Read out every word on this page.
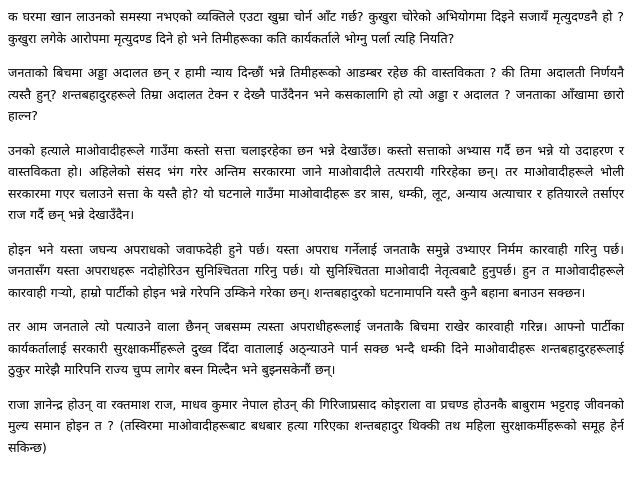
क घरमा खान लाउनको समस्या नभएको व्यक्तिले एउटा खुम्रा चोर्न आँट गर्छ? कुखुरा चोरेको अभियोगमा दिइने सजायँ मृत्युदण्डनै हो ? कुखुरा लगेके आरोपमा मृत्युदण्ड दिने हो भने तिमीहरूका कति कार्यकर्ताले भोग्नु पर्ला त्यहि नियति?

जनताको बिचमा अड्डा अदालत छन् र हामी न्याय दिन्छौं भन्ने तिमीहरूको आडम्बर रहेछ की वास्तविकता ? की तिमा अदालती निर्णयनै त्यस्तै हुन्? शन्तबहादुरहरूले तिम्रा अदालत टेक्न र देख्नै पाउँदैनन भने कसकालागि हो त्यो अड्डा र अदालत ? जनताका आँखामा छारो हाल्न?

उनको हत्याले माओवादीहरूले गाउँमा कस्तो सत्ता चलाइरहेका छन भन्ने देखाउँछ। कस्तो सत्ताको अभ्यास गर्दै छन भन्ने यो उदाहरण र वास्तविकता हो। अहिलेको संसद भंग गरेर अन्तिम सरकारमा जाने माओवादीले तत्परायी गरिरहेका छन्। तर माओवादीहरूले भोली सरकारमा गएर चलाउने सत्ता के यस्तै हो? यो घटनाले गाउँमा माओवादीहरू डर त्रास, धम्की, लूट, अन्याय अत्याचार र हतियारले तर्साएर राज गर्दै छन् भन्ने देखाउँदैन।

होइन भने यस्ता जघन्य अपराधको जवाफदेही हुने पर्छ। यस्ता अपराध गर्नेलाई जनताकै समुन्ने उभ्याएर निर्मम कारवाही गरिनु पर्छ। जनतासँग यस्ता अपराधहरू नदोहोरिउन सुनिश्चितता गरिनु पर्छ। यो सुनिश्चितता माओवादी नेतृत्वबाटै हुनुपर्छ। हुन त माओवादीहरूले कारवाही गऱ्यो, हाम्रो पार्टीको होइन भन्ने गरेपनि उम्किने गरेका छन्। शन्तबहादुरको घटनामापनि यस्तै कुनै बहाना बनाउन सक्छन।

तर आम जनताले त्यो पत्याउने वाला छैनन् जबसम्म त्यस्ता अपराधीहरूलाई जनताकै बिचमा राखेर कारवाही गरिन्न। आफ्नो पार्टीका कार्यकर्तालाई सरकारी सुरक्षाकर्मीहरूले दुख्व दिँदा वातालाई अठ्न्याउने पार्न सक्छ भन्दै धम्की दिने माओवादीहरू शन्तबहादुरहरूलाई ठुकुर मारेझै मारिपनि राज्य चुप्प लागेर बस्न मिल्दैन भने बुझ्नसकेनौं छन्।

राजा ज्ञानेन्द्र होउन् वा रक्तमाश राज, माधव कुमार नेपाल होउन् की गिरिजाप्रसाद कोइराला वा प्रचण्ड होउनकै बाबुराम भट्टराइ जीवनको मुल्य समान होइन त ? (तस्विरमा माओवादीहरूबाट बधबार हत्या गरिएका शन्तबहादुर थिक्की तथ महिला सुरक्षाकर्मीहरूको समूह हेर्न सकिन्छ)
